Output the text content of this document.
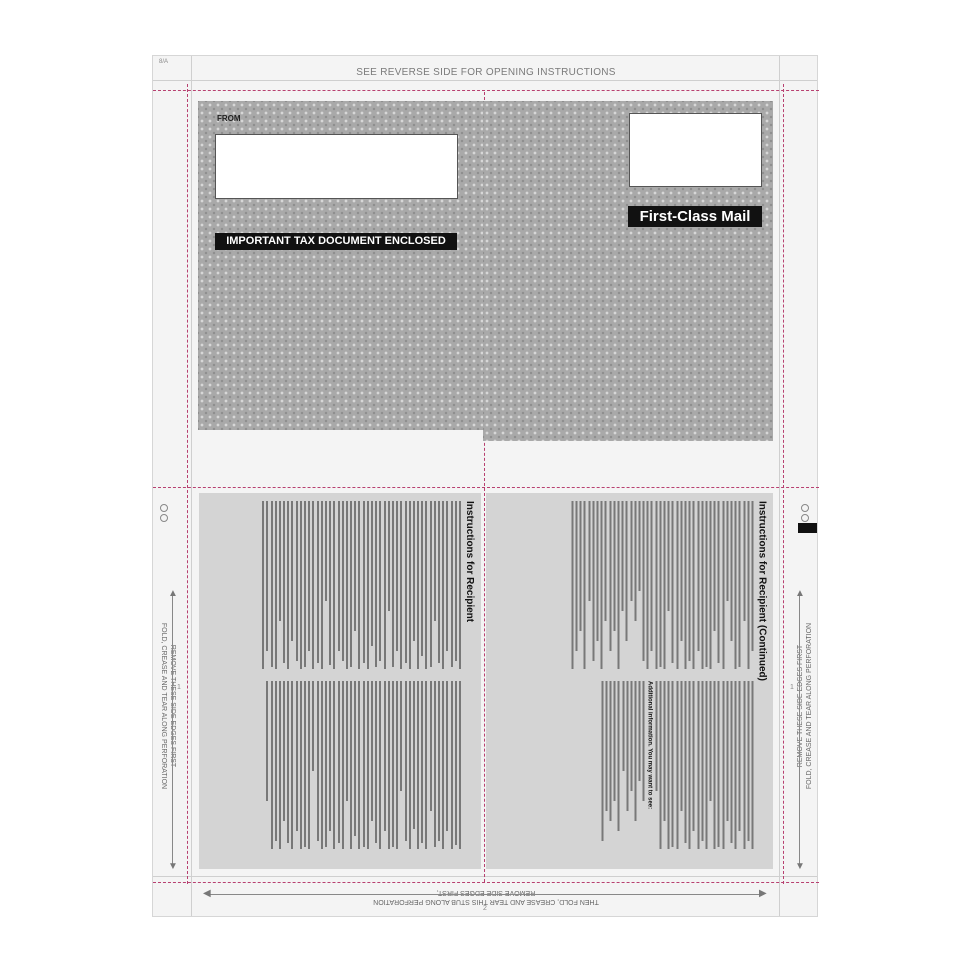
8/A
SEE REVERSE SIDE FOR OPENING INSTRUCTIONS
FROM
IMPORTANT TAX DOCUMENT ENCLOSED
First-Class Mail
Instructions for Recipient	Instructions for Recipient (Continued)
Additional information. You may want to see:
REMOVE THESE SIDE EDGES FIRST
FOLD, CREASE AND TEAR ALONG PERFORATION 1	REMOVE THESE SIDE EDGES FIRST FOLD, CREASE AND TEAR ALONG PERFORATION
1
THEN FOLD, CREASE AND TEAR THIS STUB ALONG PERFORATION
REMOVE SIDE EDGES FIRST,
2
▲
▼
▲
▼
◀	▶
